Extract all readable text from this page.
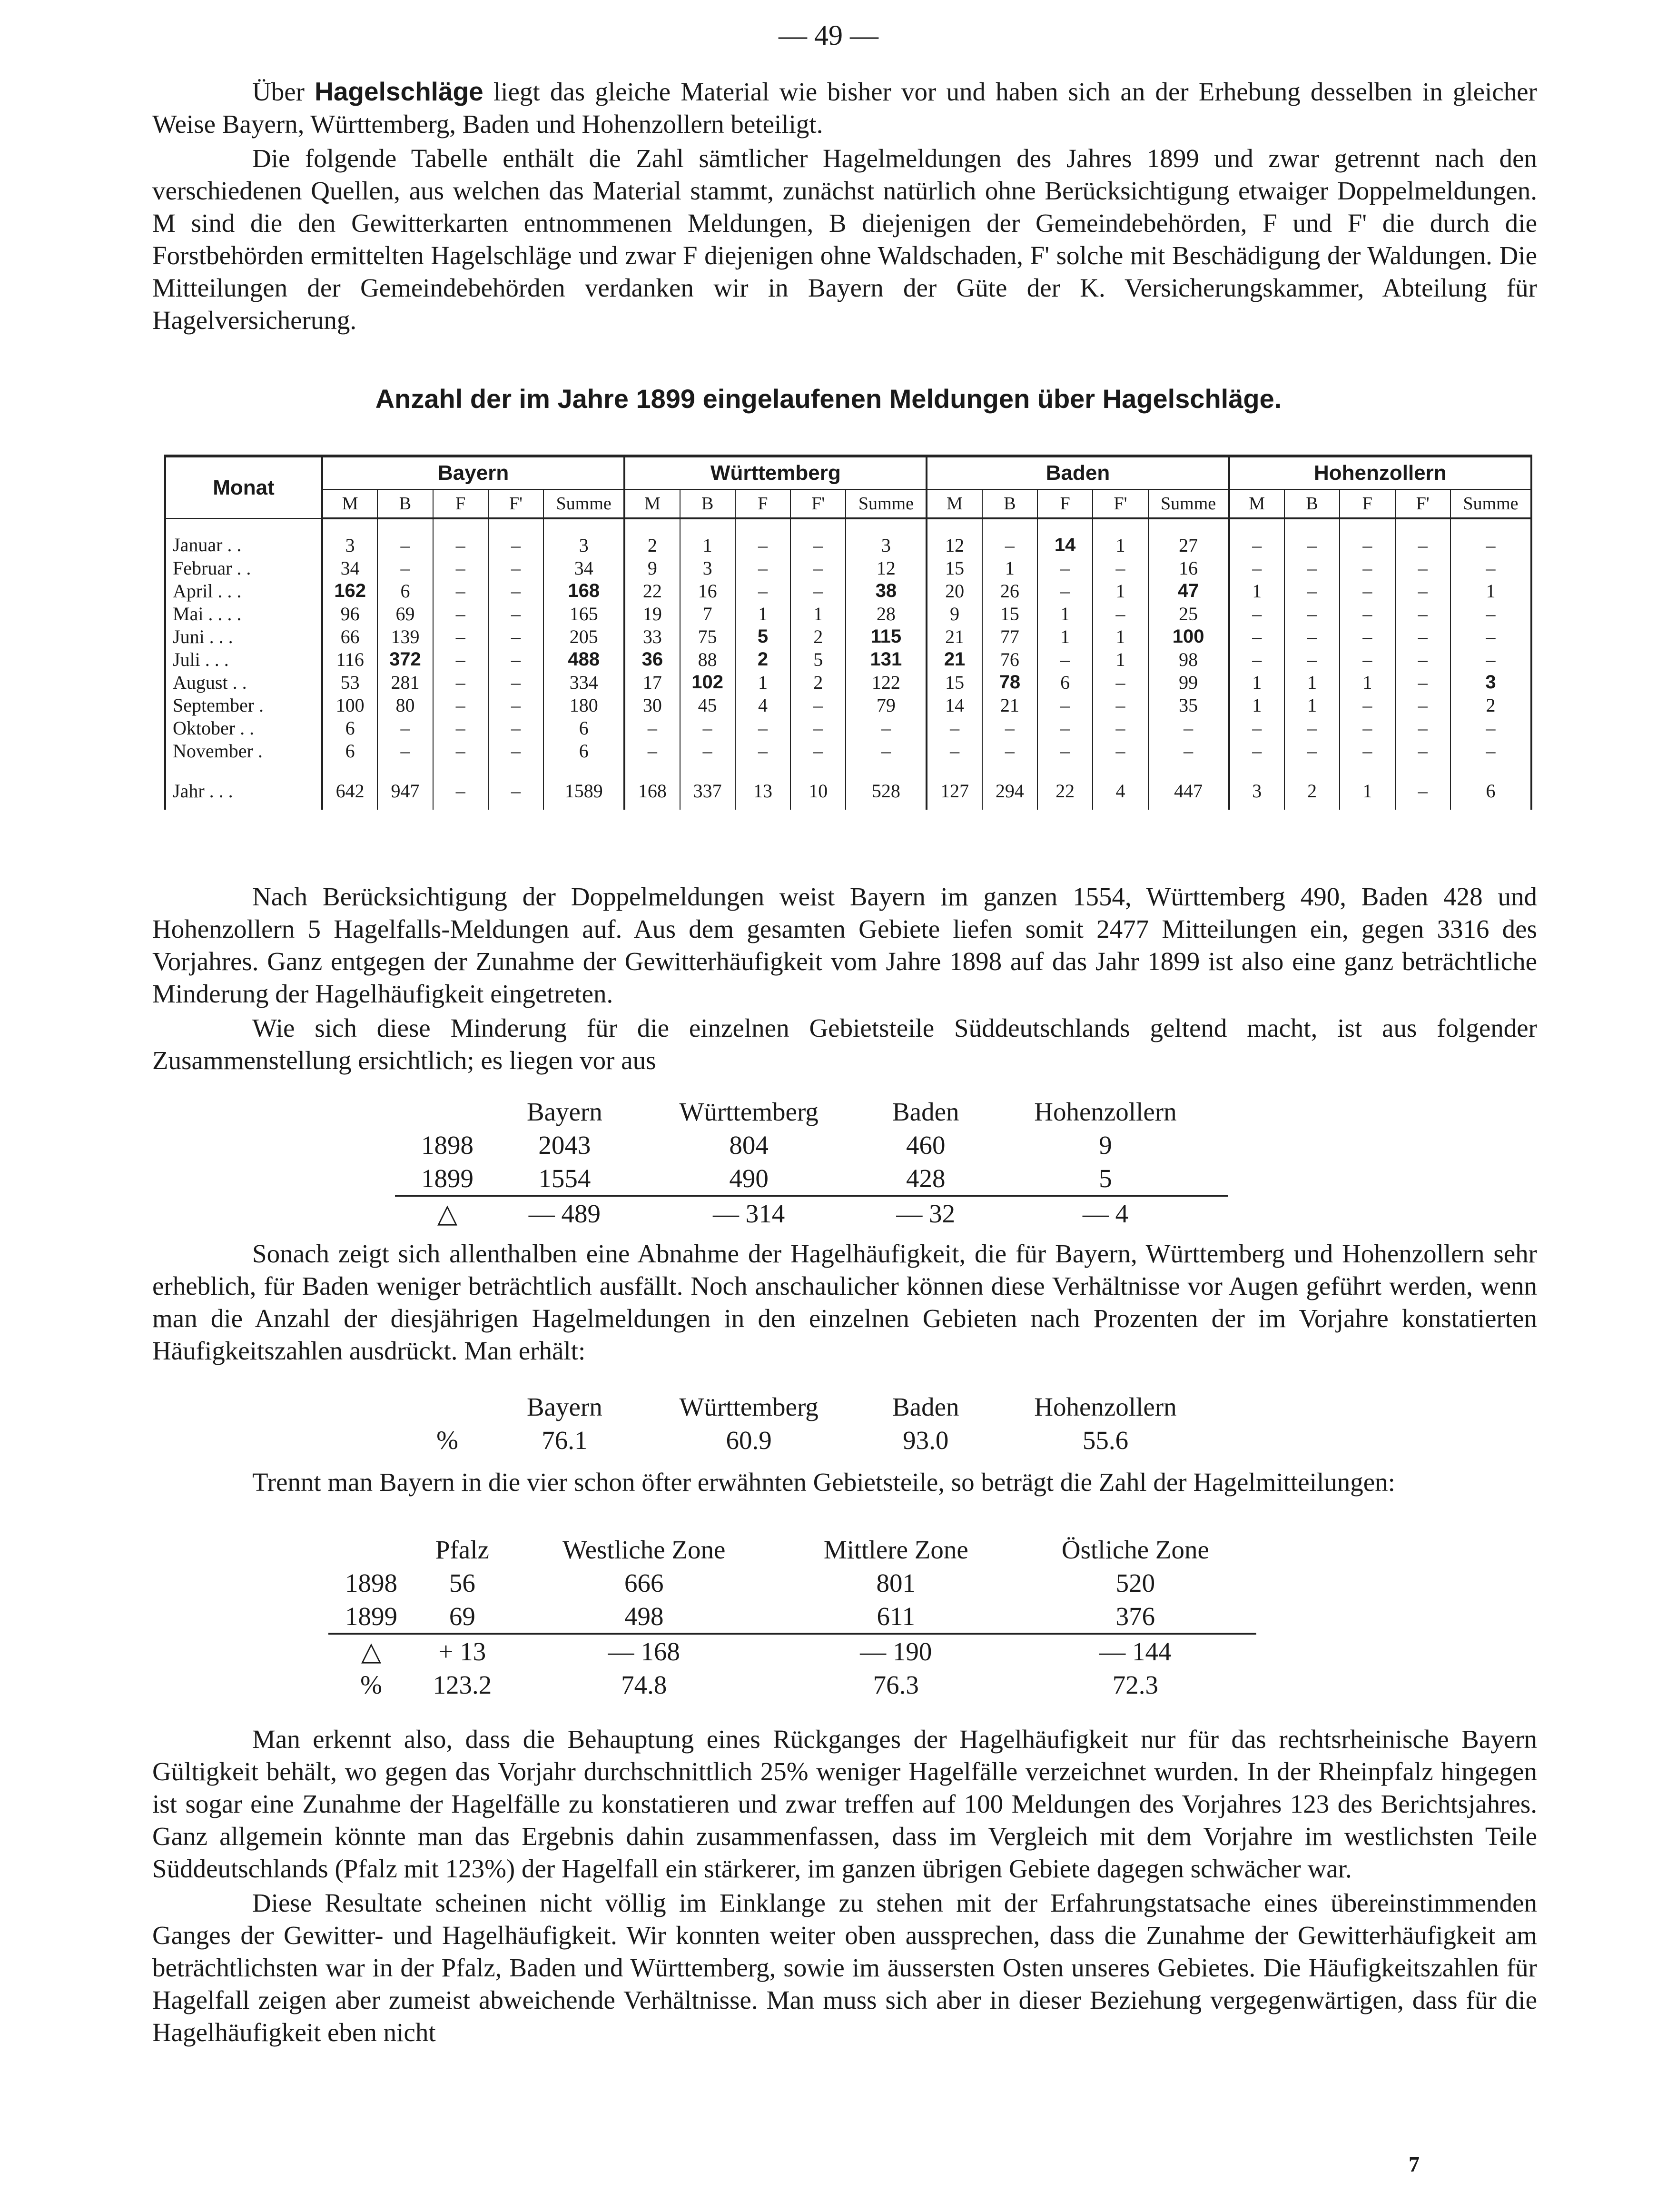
— 49 —

Über Hagelschläge liegt das gleiche Material wie bisher vor und haben sich an der Erhebung desselben in gleicher Weise Bayern, Württemberg, Baden und Hohenzollern beteiligt.

Die folgende Tabelle enthält die Zahl sämtlicher Hagelmeldungen des Jahres 1899 und zwar getrennt nach den verschiedenen Quellen, aus welchen das Material stammt, zunächst natürlich ohne Berücksichtigung etwaiger Doppelmeldungen. M sind die den Gewitterkarten entnommenen Meldungen, B diejenigen der Gemeindebehörden, F und F' die durch die Forstbehörden ermittelten Hagelschläge und zwar F diejenigen ohne Waldschaden, F' solche mit Beschädigung der Waldungen. Die Mitteilungen der Gemeindebehörden verdanken wir in Bayern der Güte der K. Versicherungskammer, Abteilung für Hagelversicherung.

Anzahl der im Jahre 1899 eingelaufenen Meldungen über Hagelschläge.
Monat	Bayern					Württemberg					Baden					Hohenzollern				
	M	B	F	F'	Summe	M	B	F	F'	Summe	M	B	F	F'	Summe	M	B	F	F'	Summe
Januar . .	3	–	–	–	3	2	1	–	–	3	12	–	14	1	27	–	–	–	–	–
Februar . .	34	–	–	–	34	9	3	–	–	12	15	1	–	–	16	–	–	–	–	–
April . . .	162	6	–	–	168	22	16	–	–	38	20	26	–	1	47	1	–	–	–	1
Mai . . . .	96	69	–	–	165	19	7	1	1	28	9	15	1	–	25	–	–	–	–	–
Juni . . .	66	139	–	–	205	33	75	5	2	115	21	77	1	1	100	–	–	–	–	–
Juli . . .	116	372	–	–	488	36	88	2	5	131	21	76	–	1	98	–	–	–	–	–
August . .	53	281	–	–	334	17	102	1	2	122	15	78	6	–	99	1	1	1	–	3
September .	100	80	–	–	180	30	45	4	–	79	14	21	–	–	35	1	1	–	–	2
Oktober . .	6	–	–	–	6	–	–	–	–	–	–	–	–	–	–	–	–	–	–	–
November .	6	–	–	–	6	–	–	–	–	–	–	–	–	–	–	–	–	–	–	–
Jahr . . .	642	947	–	–	1589	168	337	13	10	528	127	294	22	4	447	3	2	1	–	6

Nach Berücksichtigung der Doppelmeldungen weist Bayern im ganzen 1554, Württemberg 490, Baden 428 und Hohenzollern 5 Hagelfalls-Meldungen auf. Aus dem gesamten Gebiete liefen somit 2477 Mitteilungen ein, gegen 3316 des Vorjahres. Ganz entgegen der Zunahme der Gewitterhäufigkeit vom Jahre 1898 auf das Jahr 1899 ist also eine ganz beträchtliche Minderung der Hagelhäufigkeit eingetreten.

Wie sich diese Minderung für die einzelnen Gebietsteile Süddeutschlands geltend macht, ist aus folgender Zusammenstellung ersichtlich; es liegen vor aus

	Bayern	Württemberg	Baden	Hohenzollern
1898	2043	804	460	9
1899	1554	490	428	5
△	— 489	— 314	— 32	— 4

Sonach zeigt sich allenthalben eine Abnahme der Hagelhäufigkeit, die für Bayern, Württemberg und Hohenzollern sehr erheblich, für Baden weniger beträchtlich ausfällt. Noch anschaulicher können diese Verhältnisse vor Augen geführt werden, wenn man die Anzahl der diesjährigen Hagelmeldungen in den einzelnen Gebieten nach Prozenten der im Vorjahre konstatierten Häufigkeitszahlen ausdrückt. Man erhält:

	Bayern	Württemberg	Baden	Hohenzollern
%	76.1	60.9	93.0	55.6

Trennt man Bayern in die vier schon öfter erwähnten Gebietsteile, so beträgt die Zahl der Hagelmitteilungen:

	Pfalz	Westliche Zone	Mittlere Zone	Östliche Zone
1898	56	666	801	520
1899	69	498	611	376
△	+ 13	— 168	— 190	— 144
%	123.2	74.8	76.3	72.3

Man erkennt also, dass die Behauptung eines Rückganges der Hagelhäufigkeit nur für das rechtsrheinische Bayern Gültigkeit behält, wo gegen das Vorjahr durchschnittlich 25% weniger Hagelfälle verzeichnet wurden. In der Rheinpfalz hingegen ist sogar eine Zunahme der Hagelfälle zu konstatieren und zwar treffen auf 100 Meldungen des Vorjahres 123 des Berichtsjahres. Ganz allgemein könnte man das Ergebnis dahin zusammenfassen, dass im Vergleich mit dem Vorjahre im westlichsten Teile Süddeutschlands (Pfalz mit 123%) der Hagelfall ein stärkerer, im ganzen übrigen Gebiete dagegen schwächer war.

Diese Resultate scheinen nicht völlig im Einklange zu stehen mit der Erfahrungstatsache eines übereinstimmenden Ganges der Gewitter- und Hagelhäufigkeit. Wir konnten weiter oben aussprechen, dass die Zunahme der Gewitterhäufigkeit am beträchtlichsten war in der Pfalz, Baden und Württemberg, sowie im äussersten Osten unseres Gebietes. Die Häufigkeitszahlen für Hagelfall zeigen aber zumeist abweichende Verhältnisse. Man muss sich aber in dieser Beziehung vergegenwärtigen, dass für die Hagelhäufigkeit eben nicht

7
